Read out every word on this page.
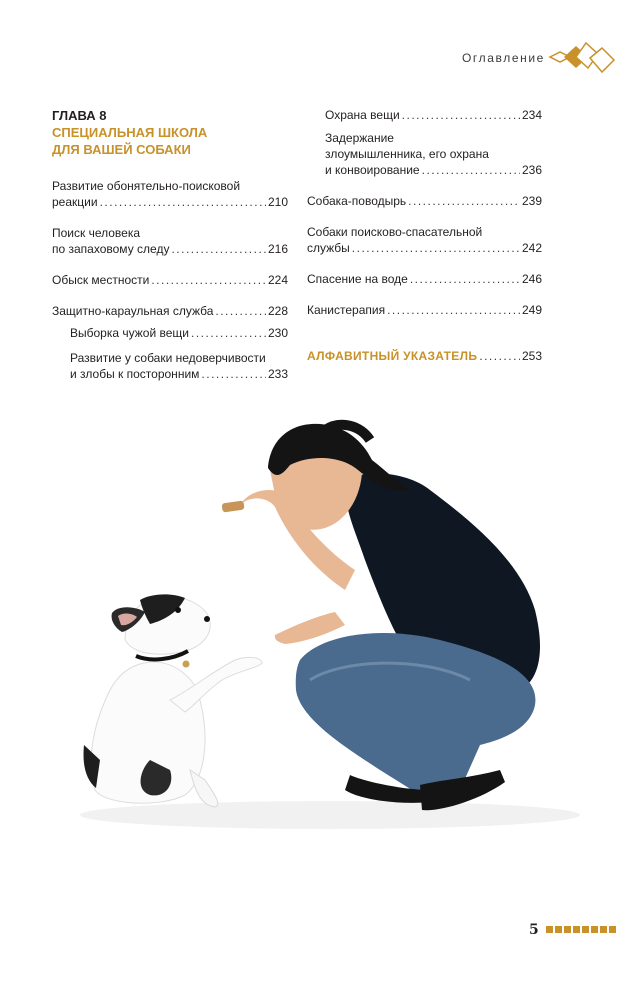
Оглавление
ГЛАВА 8
СПЕЦИАЛЬНАЯ ШКОЛА
ДЛЯ ВАШЕЙ СОБАКИ
Развитие обонятельно-поисковой
реакции .....	210
Поиск человека
по запаховому следу .....	216
Обыск местности .....	224
Защитно-караульная служба .....	228
Выборка чужой вещи .....	230
Развитие у собаки недоверчивости
и злобы к посторонним .....	233
Охрана вещи .....	234
Задержание
злоумышленника, его охрана
и конвоирование .....	236
Собака-поводырь .....	239
Собаки поисково-спасательной
службы .....	242
Спасение на воде .....	246
Канистерапия .....	249
АЛФАВИТНЫЙ УКАЗАТЕЛЬ .....	253
5
